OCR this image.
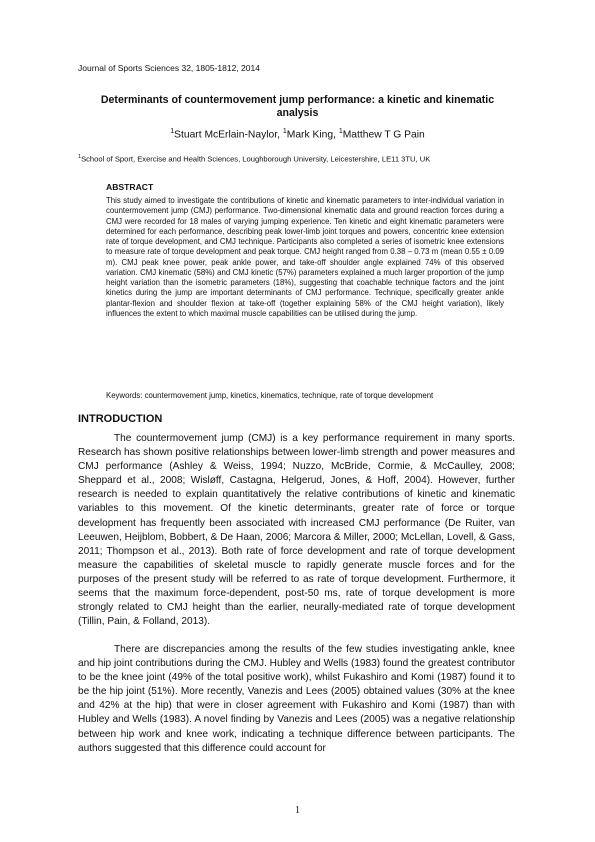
Journal of Sports Sciences 32, 1805-1812, 2014
Determinants of countermovement jump performance: a kinetic and kinematic analysis
$^1$Stuart McErlain-Naylor, $^1$Mark King, $^1$Matthew T G Pain
$^1$School of Sport, Exercise and Health Sciences, Loughborough University, Leicestershire, LE11 3TU, UK
ABSTRACT
This study aimed to investigate the contributions of kinetic and kinematic parameters to inter-individual variation in countermovement jump (CMJ) performance. Two-dimensional kinematic data and ground reaction forces during a CMJ were recorded for 18 males of varying jumping experience. Ten kinetic and eight kinematic parameters were determined for each performance, describing peak lower-limb joint torques and powers, concentric knee extension rate of torque development, and CMJ technique. Participants also completed a series of isometric knee extensions to measure rate of torque development and peak torque. CMJ height ranged from 0.38 – 0.73 m (mean 0.55 ± 0.09 m). CMJ peak knee power, peak ankle power, and take-off shoulder angle explained 74% of this observed variation. CMJ kinematic (58%) and CMJ kinetic (57%) parameters explained a much larger proportion of the jump height variation than the isometric parameters (18%), suggesting that coachable technique factors and the joint kinetics during the jump are important determinants of CMJ performance. Technique, specifically greater ankle plantar-flexion and shoulder flexion at take-off (together explaining 58% of the CMJ height variation), likely influences the extent to which maximal muscle capabilities can be utilised during the jump.
Keywords: countermovement jump, kinetics, kinematics, technique, rate of torque development
INTRODUCTION

The countermovement jump (CMJ) is a key performance requirement in many sports. Research has shown positive relationships between lower-limb strength and power measures and CMJ performance (Ashley & Weiss, 1994; Nuzzo, McBride, Cormie, & McCaulley, 2008; Sheppard et al., 2008; Wisløff, Castagna, Helgerud, Jones, & Hoff, 2004). However, further research is needed to explain quantitatively the relative contributions of kinetic and kinematic variables to this movement. Of the kinetic determinants, greater rate of force or torque development has frequently been associated with increased CMJ performance (De Ruiter, van Leeuwen, Heijblom, Bobbert, & De Haan, 2006; Marcora & Miller, 2000; McLellan, Lovell, & Gass, 2011; Thompson et al., 2013). Both rate of force development and rate of torque development measure the capabilities of skeletal muscle to rapidly generate muscle forces and for the purposes of the present study will be referred to as rate of torque development. Furthermore, it seems that the maximum force-dependent, post-50 ms, rate of torque development is more strongly related to CMJ height than the earlier, neurally-mediated rate of torque development (Tillin, Pain, & Folland, 2013).

There are discrepancies among the results of the few studies investigating ankle, knee and hip joint contributions during the CMJ. Hubley and Wells (1983) found the greatest contributor to be the knee joint (49% of the total positive work), whilst Fukashiro and Komi (1987) found it to be the hip joint (51%). More recently, Vanezis and Lees (2005) obtained values (30% at the knee and 42% at the hip) that were in closer agreement with Fukashiro and Komi (1987) than with Hubley and Wells (1983). A novel finding by Vanezis and Lees (2005) was a negative relationship between hip work and knee work, indicating a technique difference between participants. The authors suggested that this difference could account for

1
